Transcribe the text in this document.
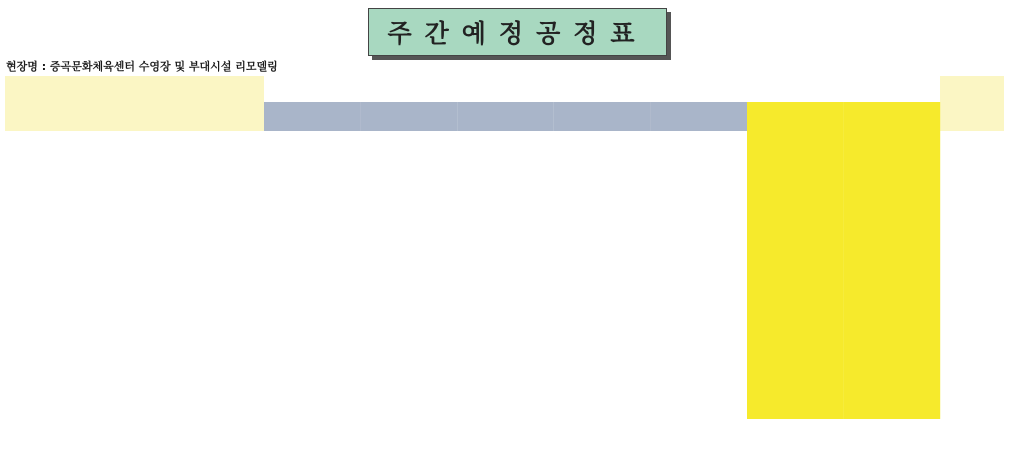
주간예정공정표
현장명 : 증곡문화체육센터 수영장 및 부대시설 리모델링
